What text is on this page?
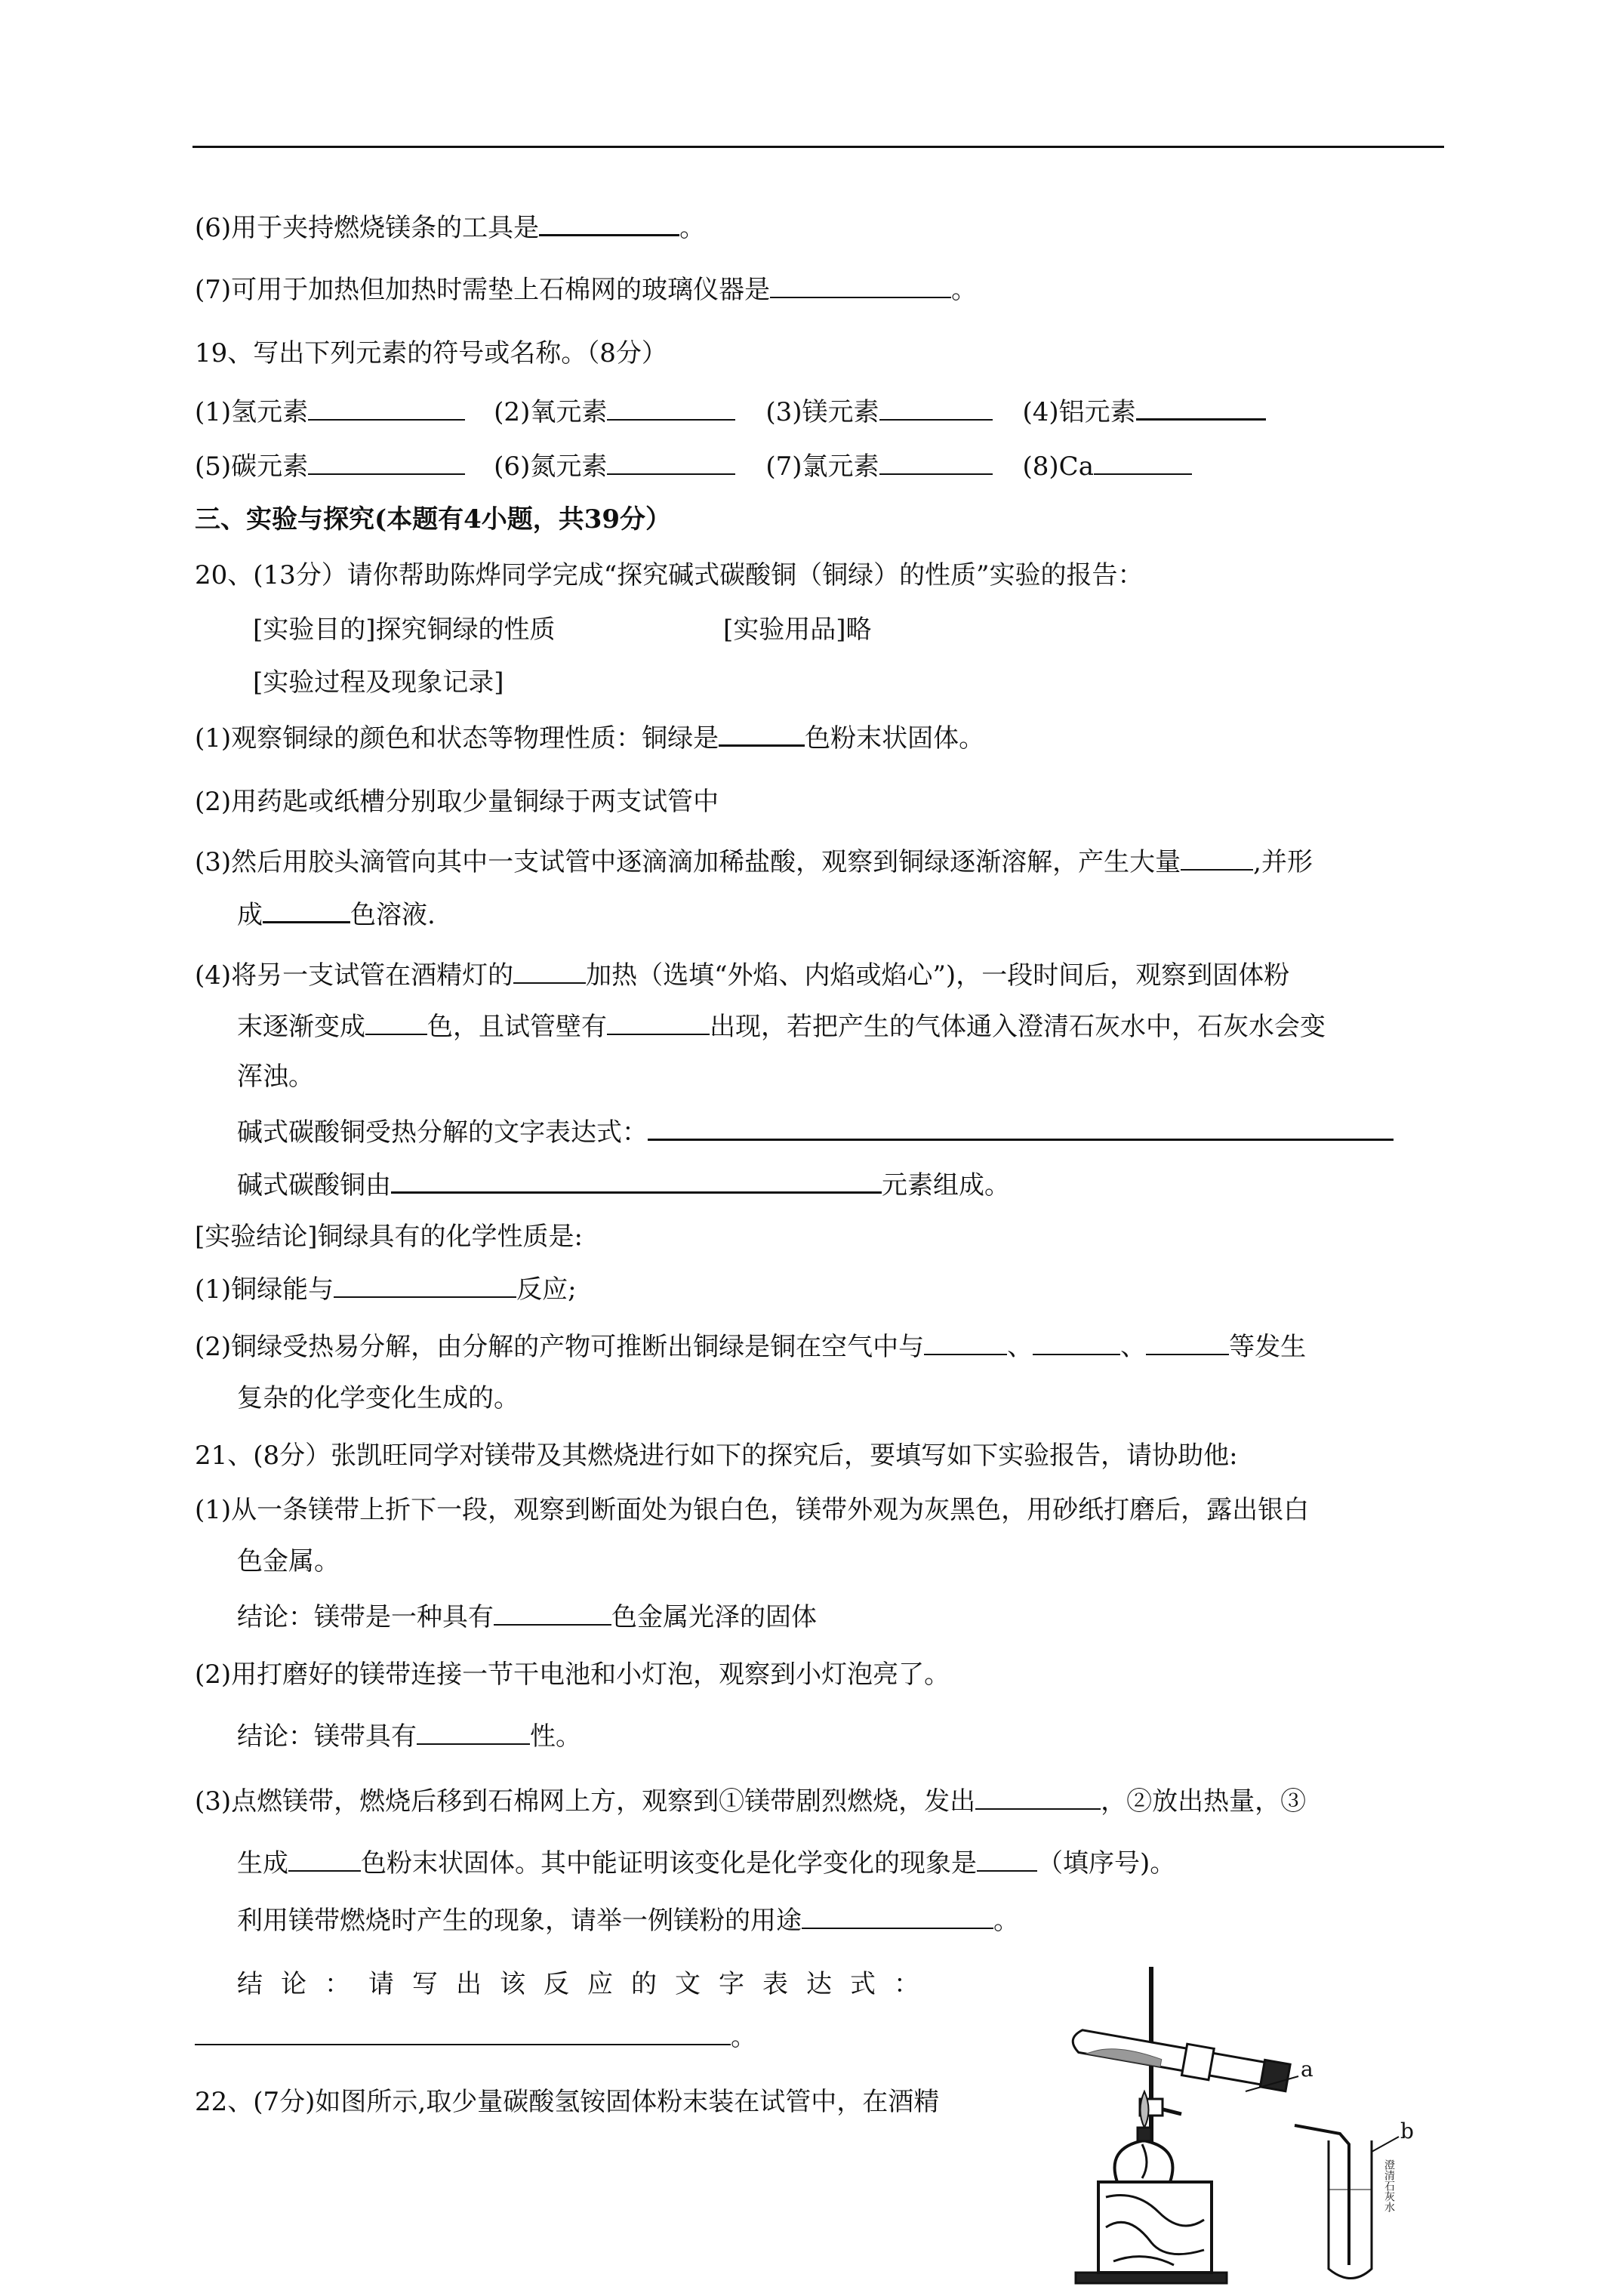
(6)用于夹持燃烧镁条的工具是	。
(7)可用于加热但加热时需垫上石棉网的玻璃仪器是	。
19、写出下列元素的符号或名称。（8分）
(1)氢元素	(2)氧元素	(3)镁元素	(4)铝元素
(5)碳元素	(6)氮元素	(7)氯元素	(8)Ca
三、实验与探究(本题有4小题，共39分）
20、(13分）请你帮助陈烨同学完成“探究碱式碳酸铜（铜绿）的性质”实验的报告：
[实验目的]探究铜绿的性质	[实验用品]略
[实验过程及现象记录]
(1)观察铜绿的颜色和状态等物理性质：铜绿是	色粉末状固体。
(2)用药匙或纸槽分别取少量铜绿于两支试管中
(3)然后用胶头滴管向其中一支试管中逐滴滴加稀盐酸，观察到铜绿逐渐溶解，产生大量	,并形
成	色溶液.
(4)将另一支试管在酒精灯的	加热（选填“外焰、内焰或焰心”)，一段时间后，观察到固体粉
末逐渐变成 色，且试管壁有	出现，若把产生的气体通入澄清石灰水中，石灰水会变
浑浊。
碱式碳酸铜受热分解的文字表达式：
碱式碳酸铜由	元素组成。
[实验结论]铜绿具有的化学性质是:
(1)铜绿能与	反应;
(2)铜绿受热易分解，由分解的产物可推断出铜绿是铜在空气中与	、	、	等发生
复杂的化学变化生成的。
21、(8分）张凯旺同学对镁带及其燃烧进行如下的探究后，要填写如下实验报告，请协助他:
(1)从一条镁带上折下一段，观察到断面处为银白色，镁带外观为灰黑色，用砂纸打磨后，露出银白
色金属。
结论：镁带是一种具有	色金属光泽的固体
(2)用打磨好的镁带连接一节干电池和小灯泡，观察到小灯泡亮了。
结论：镁带具有	性。
(3)点燃镁带，燃烧后移到石棉网上方，观察到①镁带剧烈燃烧，发出	，②放出热量，③
生成	色粉末状固体。其中能证明该变化是化学变化的现象是 （填序号)。
利用镁带燃烧时产生的现象，请举一例镁粉的用途	。
结论：请写出该反应的文字表达式：
。
22、(7分)如图所示,取少量碳酸氢铵固体粉末装在试管中，在酒精
a
b
澄清石灰水
